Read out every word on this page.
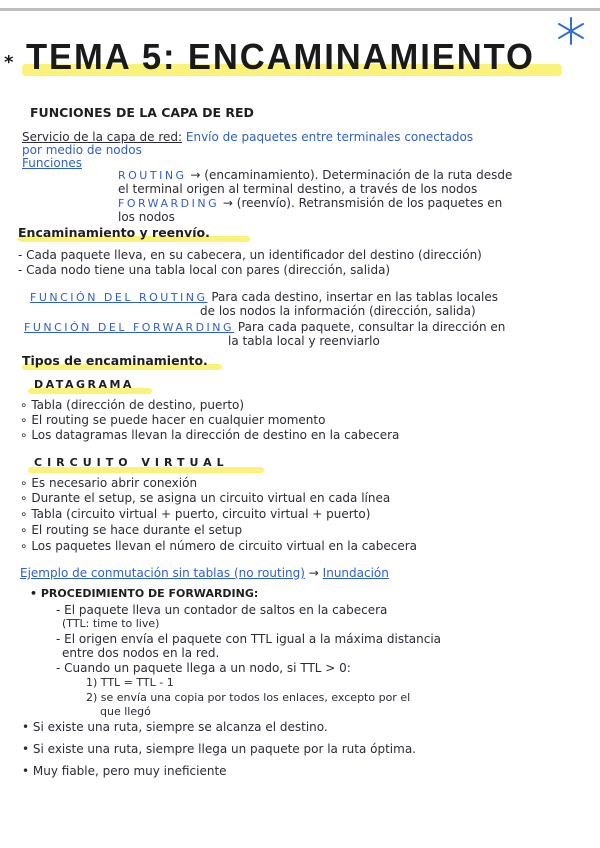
* TEMA 5: ENCAMINAMIENTO
FUNCIONES DE LA CAPA DE RED
Servicio de la capa de red: Envío de paquetes entre terminales conectados
por medio de nodos
Funciones
ROUTING → (encaminamiento). Determinación de la ruta desde
el terminal origen al terminal destino, a través de los nodos
FORWARDING → (reenvío). Retransmisión de los paquetes en
los nodos
Encaminamiento y reenvío.
- Cada paquete lleva, en su cabecera, un identificador del destino (dirección)
- Cada nodo tiene una tabla local con pares (dirección, salida)
FUNCIÓN DEL ROUTING Para cada destino, insertar en las tablas locales
de los nodos la información (dirección, salida)
FUNCIÓN DEL FORWARDING Para cada paquete, consultar la dirección en
la tabla local y reenviarlo
Tipos de encaminamiento.
DATAGRAMA
∘ Tabla (dirección de destino, puerto)
∘ El routing se puede hacer en cualquier momento
∘ Los datagramas llevan la dirección de destino en la cabecera
CIRCUITO VIRTUAL
∘ Es necesario abrir conexión
∘ Durante el setup, se asigna un circuito virtual en cada línea
∘ Tabla (circuito virtual + puerto, circuito virtual + puerto)
∘ El routing se hace durante el setup
∘ Los paquetes llevan el número de circuito virtual en la cabecera
Ejemplo de conmutación sin tablas (no routing) → Inundación
• PROCEDIMIENTO DE FORWARDING:
- El paquete lleva un contador de saltos en la cabecera
(TTL: time to live)
- El origen envía el paquete con TTL igual a la máxima distancia
entre dos nodos en la red.
- Cuando un paquete llega a un nodo, si TTL > 0:
1) TTL = TTL - 1
2) se envía una copia por todos los enlaces, excepto por el
que llegó
• Si existe una ruta, siempre se alcanza el destino.
• Si existe una ruta, siempre llega un paquete por la ruta óptima.
• Muy fiable, pero muy ineficiente
